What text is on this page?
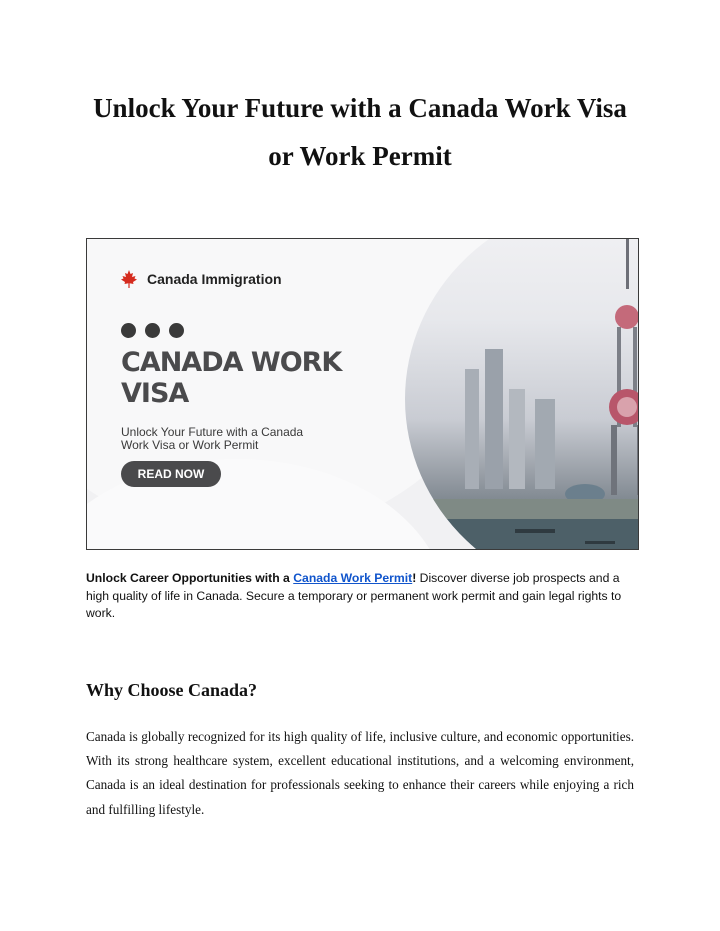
Unlock Your Future with a Canada Work Visa
or Work Permit
Canada Immigration
CANADA WORK
VISA
Unlock Your Future with a Canada
Work Visa or Work Permit
READ NOW

Unlock Career Opportunities with a Canada Work Permit! Discover diverse job prospects and a high quality of life in Canada. Secure a temporary or permanent work permit and gain legal rights to work.

Why Choose Canada?

Canada is globally recognized for its high quality of life, inclusive culture, and economic opportunities. With its strong healthcare system, excellent educational institutions, and a welcoming environment, Canada is an ideal destination for professionals seeking to enhance their careers while enjoying a rich and fulfilling lifestyle.
